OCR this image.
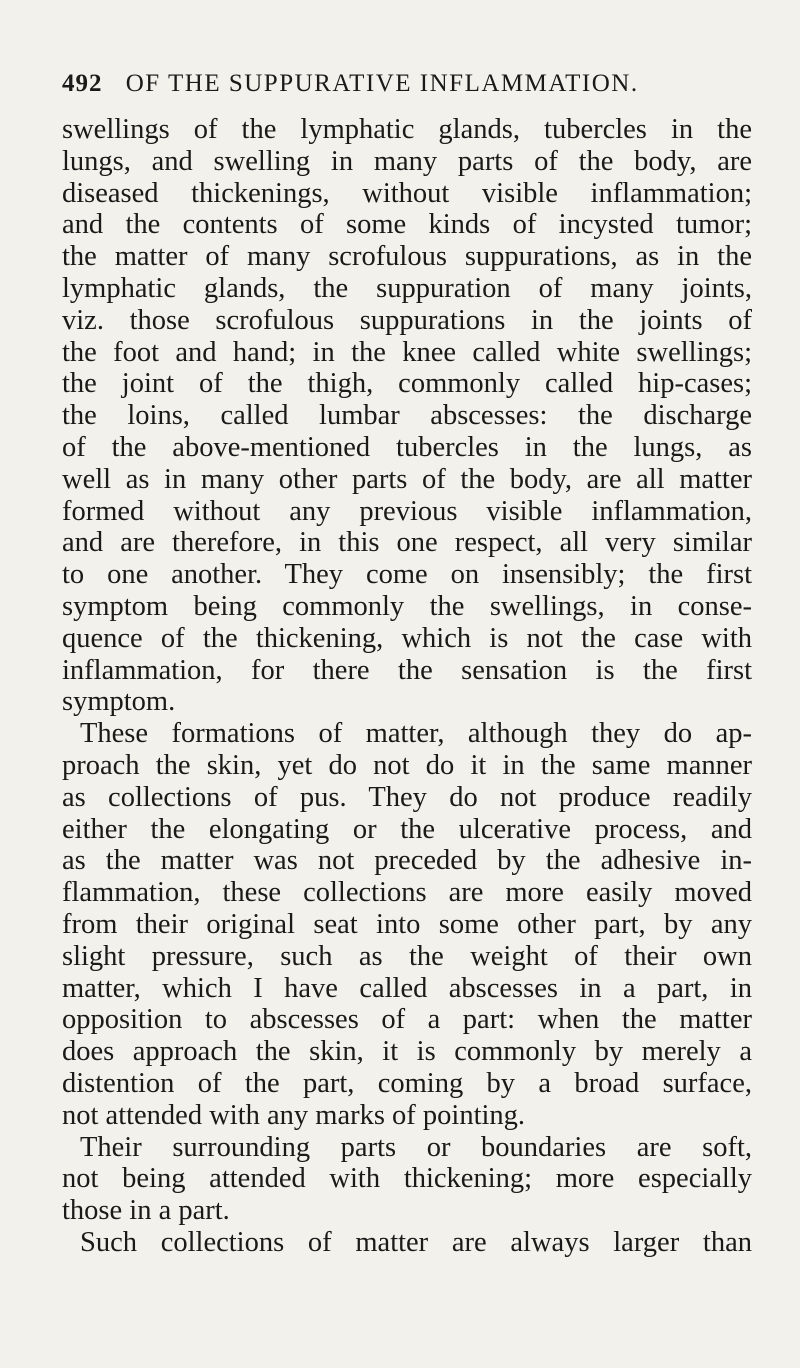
492 OF THE SUPPURATIVE INFLAMMATION.
swellings of the lymphatic glands, tubercles in the
lungs, and swelling in many parts of the body, are
diseased thickenings, without visible inflammation;
and the contents of some kinds of incysted tumor;
the matter of many scrofulous suppurations, as in the
lymphatic glands, the suppuration of many joints,
viz. those scrofulous suppurations in the joints of
the foot and hand; in the knee called white swellings;
the joint of the thigh, commonly called hip-cases;
the loins, called lumbar abscesses: the discharge
of the above-mentioned tubercles in the lungs, as
well as in many other parts of the body, are all matter
formed without any previous visible inflammation,
and are therefore, in this one respect, all very similar
to one another. They come on insensibly; the first
symptom being commonly the swellings, in conse-
quence of the thickening, which is not the case with
inflammation, for there the sensation is the first
symptom.
These formations of matter, although they do ap-
proach the skin, yet do not do it in the same manner
as collections of pus. They do not produce readily
either the elongating or the ulcerative process, and
as the matter was not preceded by the adhesive in-
flammation, these collections are more easily moved
from their original seat into some other part, by any
slight pressure, such as the weight of their own
matter, which I have called abscesses in a part, in
opposition to abscesses of a part: when the matter
does approach the skin, it is commonly by merely a
distention of the part, coming by a broad surface,
not attended with any marks of pointing.
Their surrounding parts or boundaries are soft,
not being attended with thickening; more especially
those in a part.
Such collections of matter are always larger than
